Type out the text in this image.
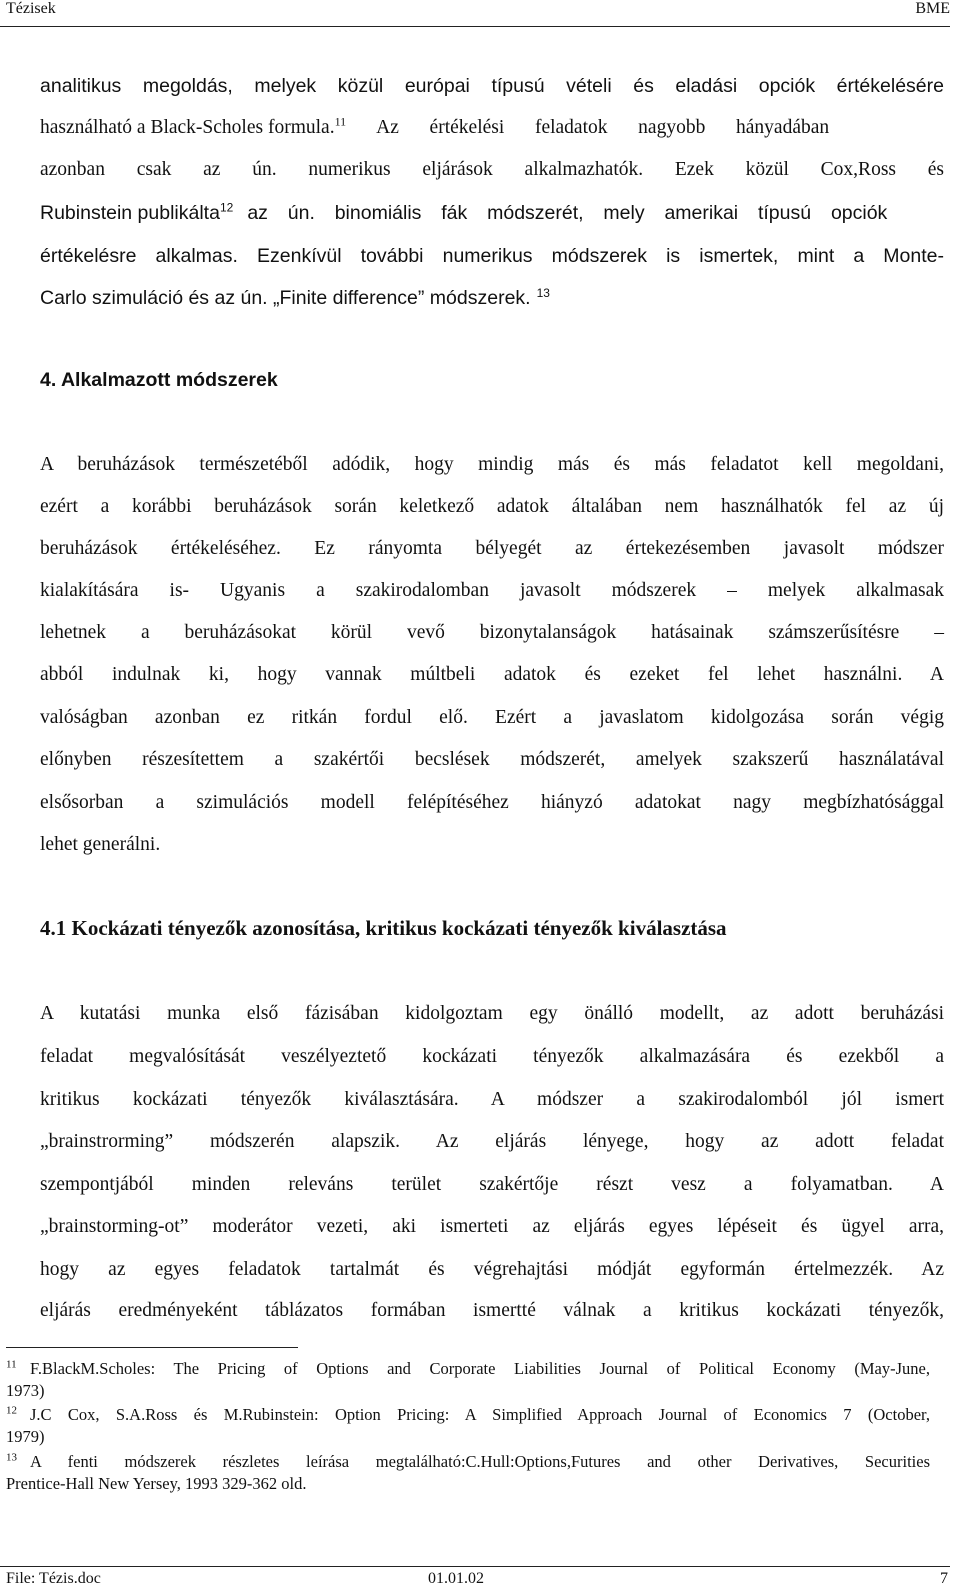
Tézisek	BME
analitikus megoldás, melyek közül európai típusú vételi és eladási opciók értékelésére
használható a Black-Scholes formula.$^{11}$ Az értékelési feladatok nagyobb hányadában
azonban csak az ún. numerikus eljárások alkalmazhatók. Ezek közül Cox,Ross és
Rubinstein publikálta$^{12}$ az ún. binomiális fák módszerét, mely amerikai típusú opciók
értékelésre alkalmas. Ezenkívül további numerikus módszerek is ismertek, mint a Monte-
Carlo szimuláció és az ún. „Finite difference” módszerek. $^{13}$
4. Alkalmazott módszerek
A beruházások természetéből adódik, hogy mindig más és más feladatot kell megoldani,
ezért a korábbi beruházások során keletkező adatok általában nem használhatók fel az új
beruházások értékeléséhez. Ez rányomta bélyegét az értekezésemben javasolt módszer
kialakítására is- Ugyanis a szakirodalomban javasolt módszerek – melyek alkalmasak
lehetnek a beruházásokat körül vevő bizonytalanságok hatásainak számszerűsítésre –
abból indulnak ki, hogy vannak múltbeli adatok és ezeket fel lehet használni. A
valóságban azonban ez ritkán fordul elő. Ezért a javaslatom kidolgozása során végig
előnyben részesítettem a szakértői becslések módszerét, amelyek szakszerű használatával
elsősorban a szimulációs modell felépítéséhez hiányzó adatokat nagy megbízhatósággal
lehet generálni.
4.1 Kockázati tényezők azonosítása, kritikus kockázati tényezők kiválasztása
A kutatási munka első fázisában kidolgoztam egy önálló modellt, az adott beruházási
feladat megvalósítását veszélyeztető kockázati tényezők alkalmazására és ezekből a
kritikus kockázati tényezők kiválasztására. A módszer a szakirodalomból jól ismert
„brainstrorming” módszerén alapszik. Az eljárás lényege, hogy az adott feladat
szempontjából minden releváns terület szakértője részt vesz a folyamatban. A
„brainstorming-ot” moderátor vezeti, aki ismerteti az eljárás egyes lépéseit és ügyel arra,
hogy az egyes feladatok tartalmát és végrehajtási módját egyformán értelmezzék. Az
eljárás eredményeként táblázatos formában ismertté válnak a kritikus kockázati tényezők,
$^{11}$ F.BlackM.Scholes: The Pricing of Options and Corporate Liabilities Journal of Political Economy (May-June,
1973)
$^{12}$ J.C Cox, S.A.Ross és M.Rubinstein: Option Pricing: A Simplified Approach Journal of Economics 7 (October,
1979)
$^{13}$ A fenti módszerek részletes leírása megtalálható:C.Hull:Options,Futures and other Derivatives, Securities
Prentice-Hall New Yersey, 1993 329-362 old.
File: Tézis.doc	01.01.02	7
